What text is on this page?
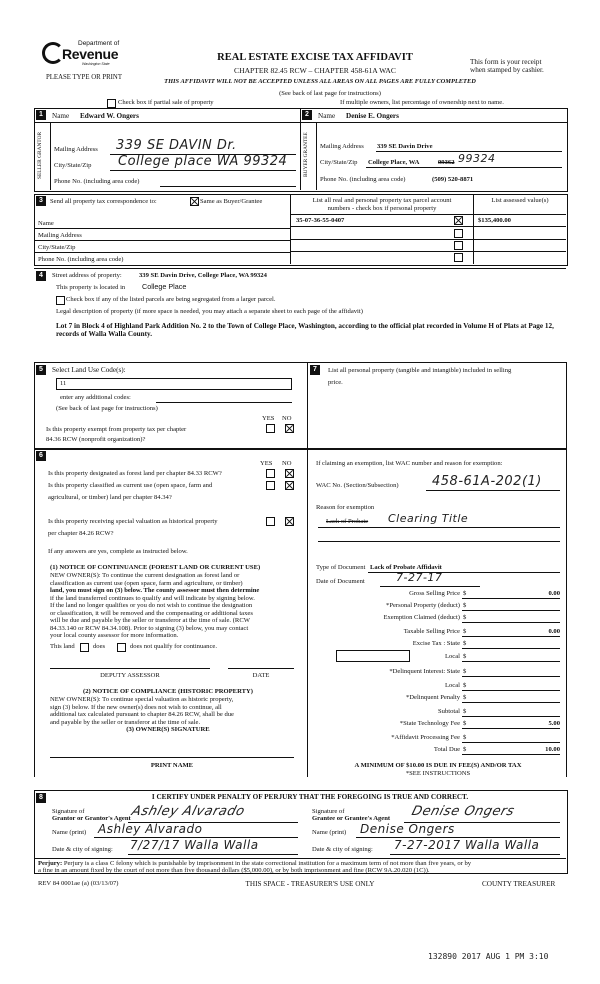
Department of
Revenue
Washington State
PLEASE TYPE OR PRINT
REAL ESTATE EXCISE TAX AFFIDAVIT
CHAPTER 82.45 RCW – CHAPTER 458-61A WAC
THIS AFFIDAVIT WILL NOT BE ACCEPTED UNLESS ALL AREAS ON ALL PAGES ARE FULLY COMPLETED
(See back of last page for instructions)
This form is your receipt
when stamped by cashier.
Check box if partial sale of property	If multiple owners, list percentage of ownership next to name.
1	Name Edward W. Ongers
SELLER GRANTOR	Mailing Address 339 SE DAVIN Dr.
City/State/Zip College place WA 99324
Phone No. (including area code)
2	Name Denise E. Ongers
BUYER GRANTEE	Mailing Address 339 SE Davin Drive
City/State/Zip College Place, WA	99362 99324
Phone No. (including area code)	(509) 520-8871
3	Send all property tax correspondence to:	Same as Buyer/Grantee
Name
Mailing Address
City/State/Zip
Phone No. (including area code)
List all real and personal property tax parcel account
numbers - check box if personal property
List assessed value(s)
35-07-36-55-0407	$135,400.00
4	Street address of property:	339 SE Davin Drive, College Place, WA 99324
This property is located in College Place
Check box if any of the listed parcels are being segregated from a larger parcel.
Legal description of property (if more space is needed, you may attach a separate sheet to each page of the affidavit)
Lot 7 in Block 4 of Highland Park Addition No. 2 to the Town of College Place, Washington, according to the official plat recorded in Volume H of Plats at Page 12, records of Walla Walla County.
5	Select Land Use Code(s):
11
enter any additional codes:
(See back of last page for instructions)
YES NO
Is this property exempt from property tax per chapter
84.36 RCW (nonprofit organization)?
7	List all personal property (tangible and intangible) included in selling
price.
6
YES NO
Is this property designated as forest land per chapter 84.33 RCW?
Is this property classified as current use (open space, farm and
agricultural, or timber) land per chapter 84.34?
Is this property receiving special valuation as historical property
per chapter 84.26 RCW?
If any answers are yes, complete as instructed below.
(1) NOTICE OF CONTINUANCE (FOREST LAND OR CURRENT USE)
NEW OWNER(S): To continue the current designation as forest land or
classification as current use (open space, farm and agriculture, or timber)
land, you must sign on (3) below. The county assessor must then determine
if the land transferred continues to qualify and will indicate by signing below.
If the land no longer qualifies or you do not wish to continue the designation
or classification, it will be removed and the compensating or additional taxes
will be due and payable by the seller or transferor at the time of sale. (RCW
84.33.140 or RCW 84.34.108). Prior to signing (3) below, you may contact
your local county assessor for more information.
This land	does	does not qualify for continuance.
DEPUTY ASSESSOR	DATE
(2) NOTICE OF COMPLIANCE (HISTORIC PROPERTY)
NEW OWNER(S): To continue special valuation as historic property,
sign (3) below. If the new owner(s) does not wish to continue, all
additional tax calculated pursuant to chapter 84.26 RCW, shall be due
and payable by the seller or transferor at the time of sale.
(3) OWNER(S) SIGNATURE
PRINT NAME
If claiming an exemption, list WAC number and reason for exemption:
WAC No. (Section/Subsection)	458-61A-202(1)
Reason for exemption
Lack of Probate Clearing Title
Type of Document Lack of Probate Affidavit
Date of Document	7-27-17
Gross Selling Price $	0.00
*Personal Property (deduct) $
Exemption Claimed (deduct) $
Taxable Selling Price $	0.00
Excise Tax : State $
Local $
*Delinquent Interest: State $
Local $
*Delinquent Penalty $
Subtotal $
*State Technology Fee $	5.00
*Affidavit Processing Fee $
Total Due $	10.00
A MINIMUM OF $10.00 IS DUE IN FEE(S) AND/OR TAX
*SEE INSTRUCTIONS
8	I CERTIFY UNDER PENALTY OF PERJURY THAT THE FOREGOING IS TRUE AND CORRECT.
Signature of
Grantor or Grantor's Agent Ashley Alvarado
Name (print) Ashley Alvarado
Date & city of signing: 7/27/17 Walla Walla
Signature of
Grantee or Grantee's Agent Denise Ongers
Name (print) Denise Ongers
Date & city of signing: 7-27-2017 Walla Walla
Perjury: Perjury is a class C felony which is punishable by imprisonment in the state correctional institution for a maximum term of not more than five years, or by
a fine in an amount fixed by the court of not more than five thousand dollars ($5,000.00), or by both imprisonment and fine (RCW 9A.20.020 (1C)).
REV 84 0001ae (a) (03/13/07)	THIS SPACE - TREASURER'S USE ONLY	COUNTY TREASURER
132890 2017 AUG 1 PM 3:10
